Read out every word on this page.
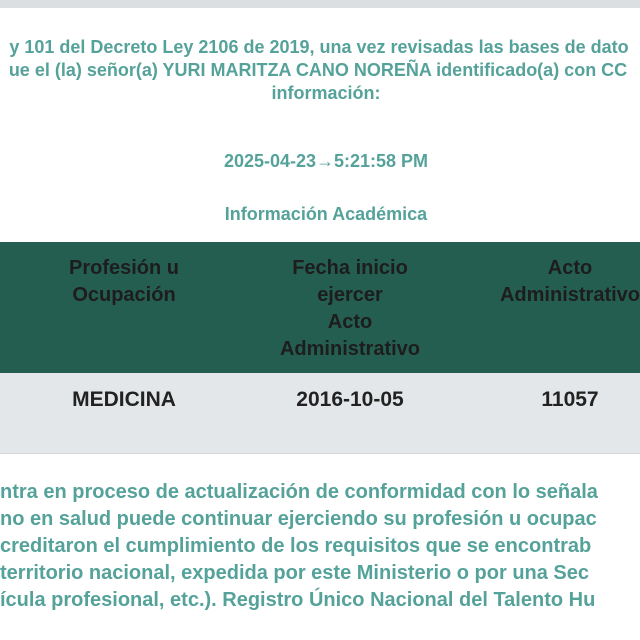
y 101 del Decreto Ley 2106 de 2019, una vez revisadas las bases de dato

ue el (la) señor(a) YURI MARITZA CANO NOREÑA identificado(a) con CC

información:

2025-04-23→5:21:58 PM
Información Académica
Profesión u
Ocupación
Fecha inicio
ejercer
Acto
Administrativo
Acto
Administrativo
MEDICINA	2016-10-05	11057

ntra en proceso de actualización de conformidad con lo señala

no en salud puede continuar ejerciendo su profesión u ocupac

creditaron el cumplimiento de los requisitos que se encontrab

territorio nacional, expedida por este Ministerio o por una Sec

ícula profesional, etc.). Registro Único Nacional del Talento Hu
